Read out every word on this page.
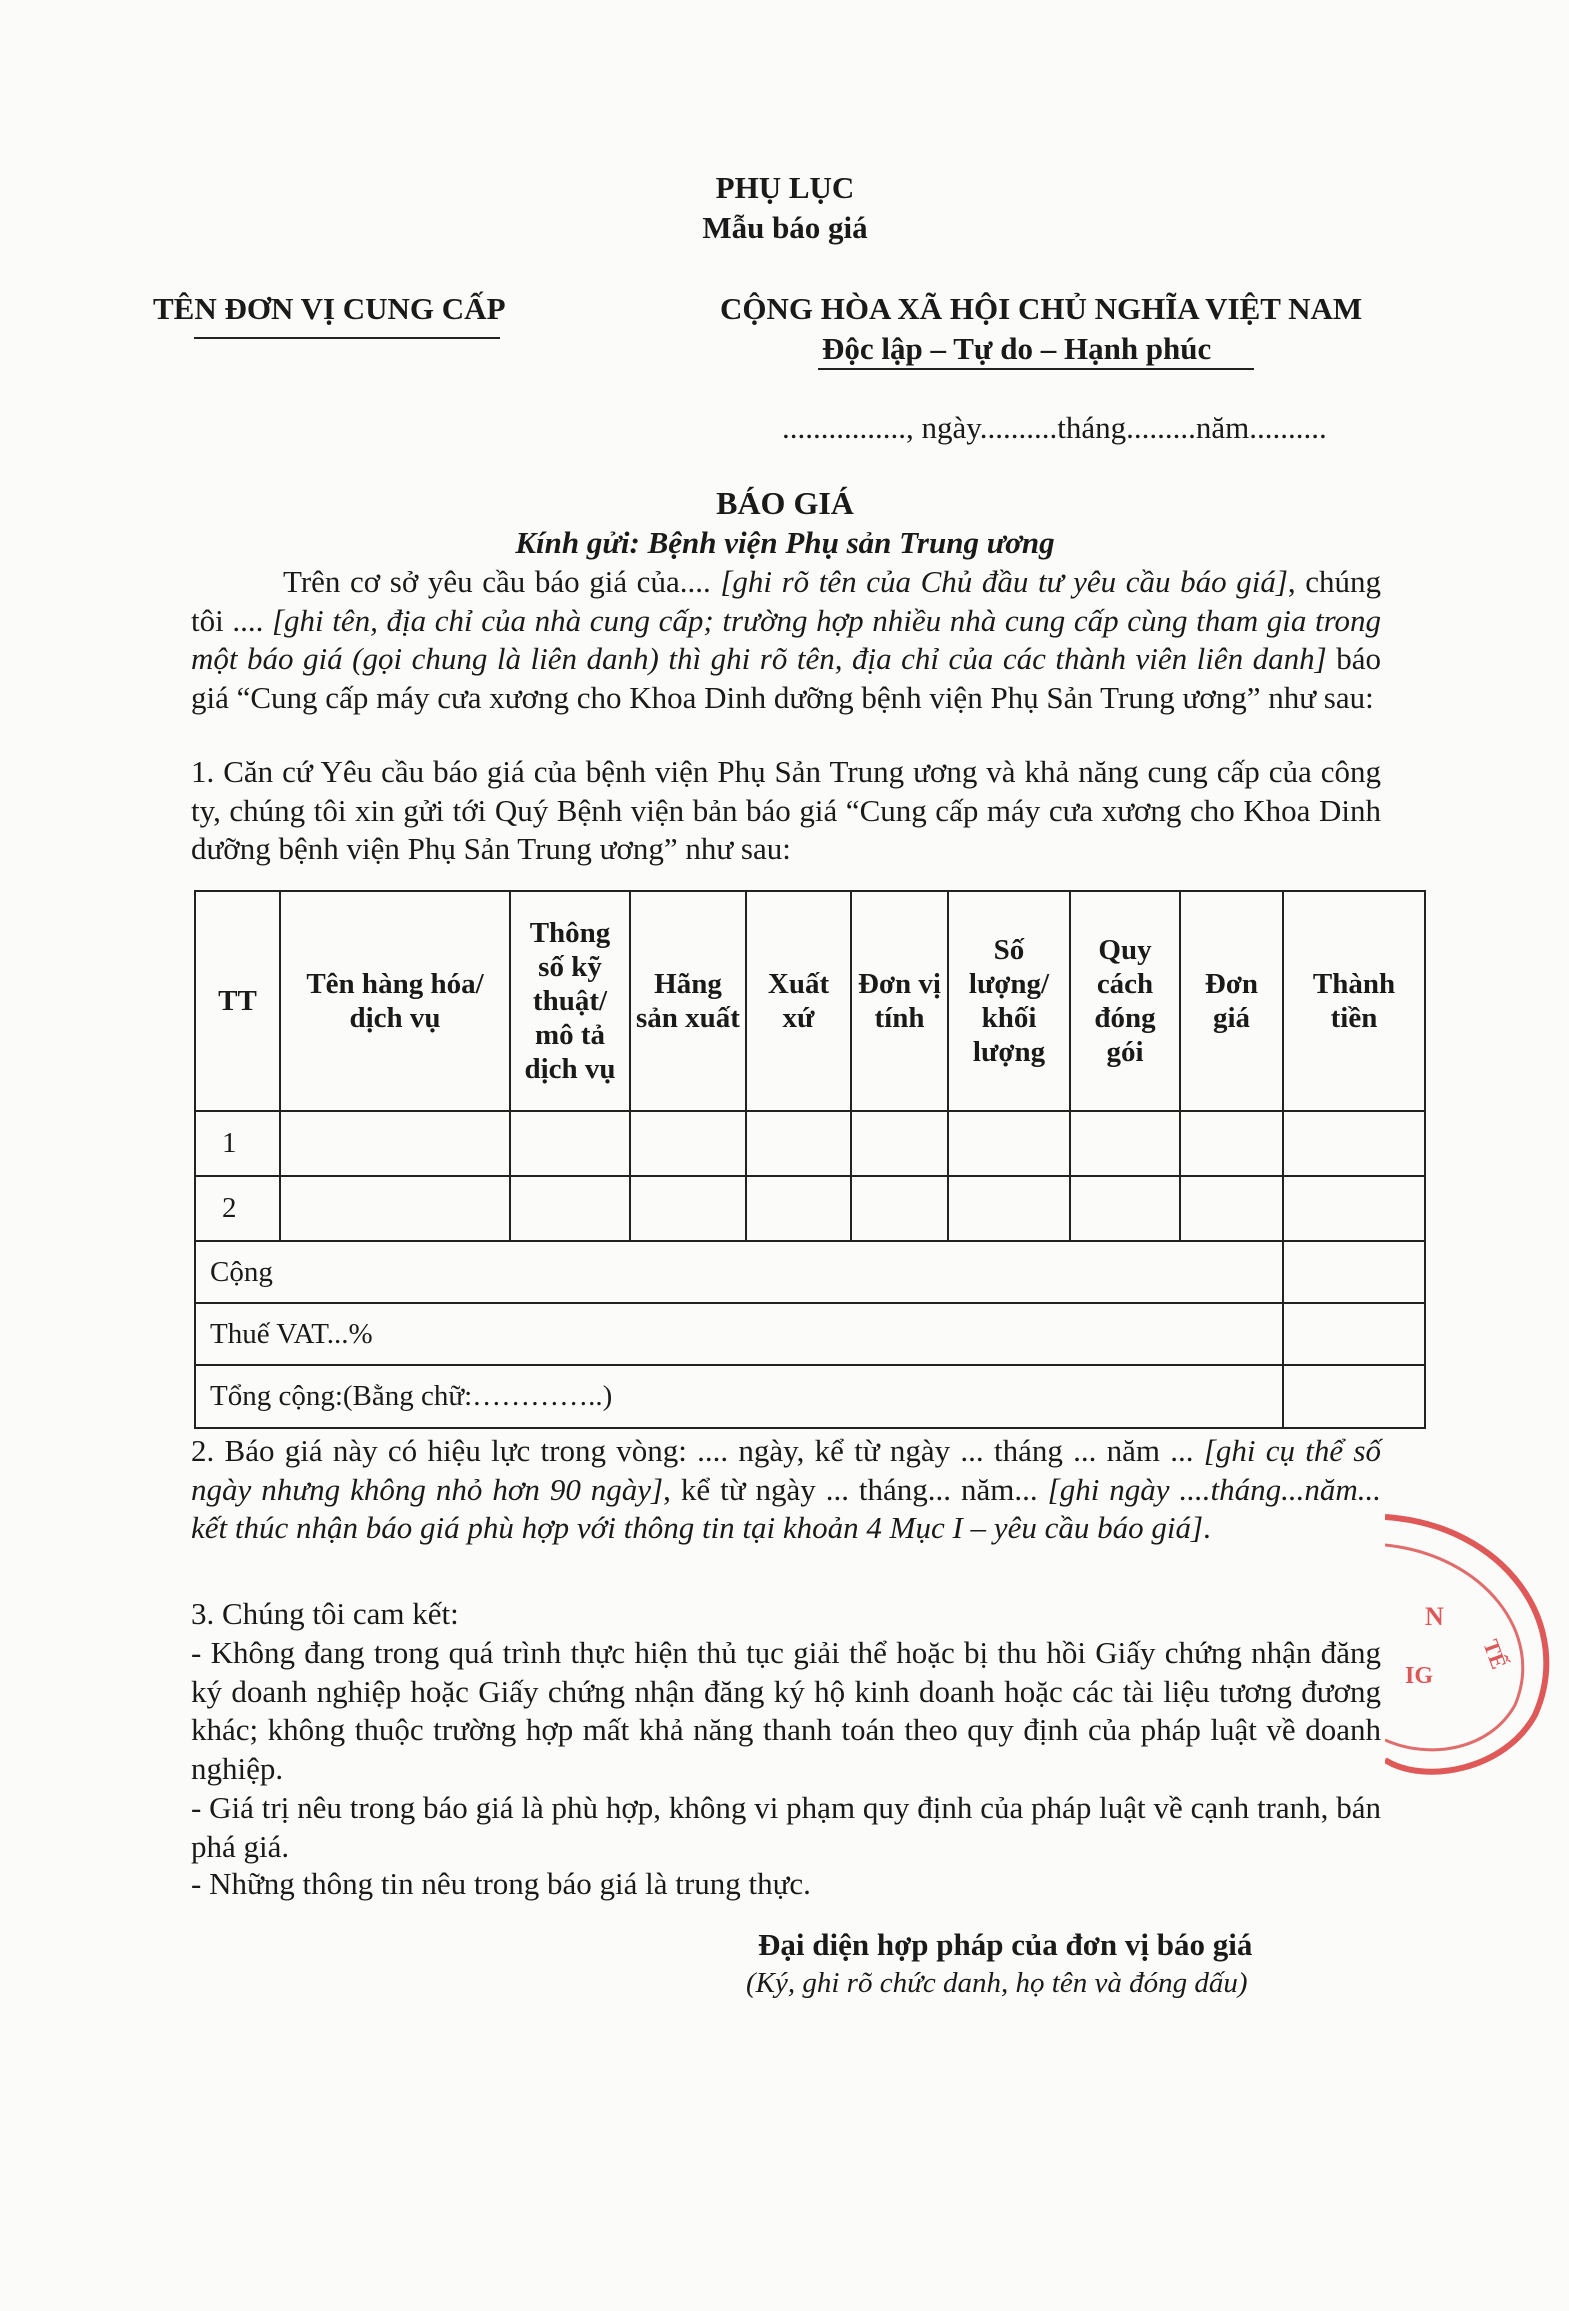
PHỤ LỤC
Mẫu báo giá
TÊN ĐƠN VỊ CUNG CẤP	CỘNG HÒA XÃ HỘI CHỦ NGHĨA VIỆT NAM
Độc lập – Tự do – Hạnh phúc
................, ngày..........tháng.........năm..........
BÁO GIÁ
Kính gửi: Bệnh viện Phụ sản Trung ương
Trên cơ sở yêu cầu báo giá của.... [ghi rõ tên của Chủ đầu tư yêu cầu báo giá], chúng tôi .... [ghi tên, địa chỉ của nhà cung cấp; trường hợp nhiều nhà cung cấp cùng tham gia trong một báo giá (gọi chung là liên danh) thì ghi rõ tên, địa chỉ của các thành viên liên danh] báo giá “Cung cấp máy cưa xương cho Khoa Dinh dưỡng bệnh viện Phụ Sản Trung ương” như sau:
1. Căn cứ Yêu cầu báo giá của bệnh viện Phụ Sản Trung ương và khả năng cung cấp của công ty, chúng tôi xin gửi tới Quý Bệnh viện bản báo giá “Cung cấp máy cưa xương cho Khoa Dinh dưỡng bệnh viện Phụ Sản Trung ương” như sau:
TT	Tên hàng hóa/ dịch vụ	Thông số kỹ thuật/ mô tả dịch vụ	Hãng sản xuất	Xuất xứ	Đơn vị tính	Số lượng/ khối lượng	Quy cách đóng gói	Đơn giá	Thành tiền
1									
2									
Cộng									
Thuế VAT...%									
Tổng cộng:(Bằng chữ:…………..)									
2. Báo giá này có hiệu lực trong vòng: .... ngày, kể từ ngày ... tháng ... năm ... [ghi cụ thể số ngày nhưng không nhỏ hơn 90 ngày], kể từ ngày ... tháng... năm... [ghi ngày ....tháng...năm... kết thúc nhận báo giá phù hợp với thông tin tại khoản 4 Mục I – yêu cầu báo giá].
3. Chúng tôi cam kết:
- Không đang trong quá trình thực hiện thủ tục giải thể hoặc bị thu hồi Giấy chứng nhận đăng ký doanh nghiệp hoặc Giấy chứng nhận đăng ký hộ kinh doanh hoặc các tài liệu tương đương khác; không thuộc trường hợp mất khả năng thanh toán theo quy định của pháp luật về doanh nghiệp.
- Giá trị nêu trong báo giá là phù hợp, không vi phạm quy định của pháp luật về cạnh tranh, bán phá giá.
- Những thông tin nêu trong báo giá là trung thực.
Đại diện hợp pháp của đơn vị báo giá
(Ký, ghi rõ chức danh, họ tên và đóng dấu)
N
TẾ
IG
